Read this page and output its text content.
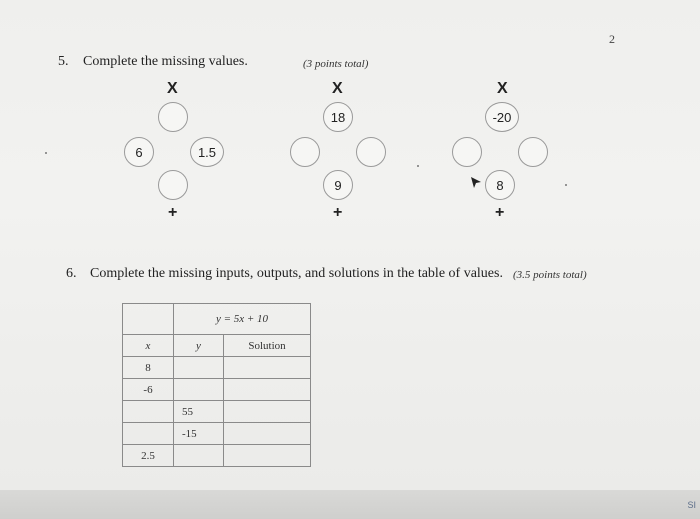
SI
2
5. Complete the missing values.	(3 points total)
X
6	1.5
+
X
18
9
+
X
-20
8
+
6. Complete the missing inputs, outputs, and solutions in the table of values. (3.5 points total)
	y = 5x + 10	
x	y	Solution
8		
-6		
	55	
	-15	
2.5		
